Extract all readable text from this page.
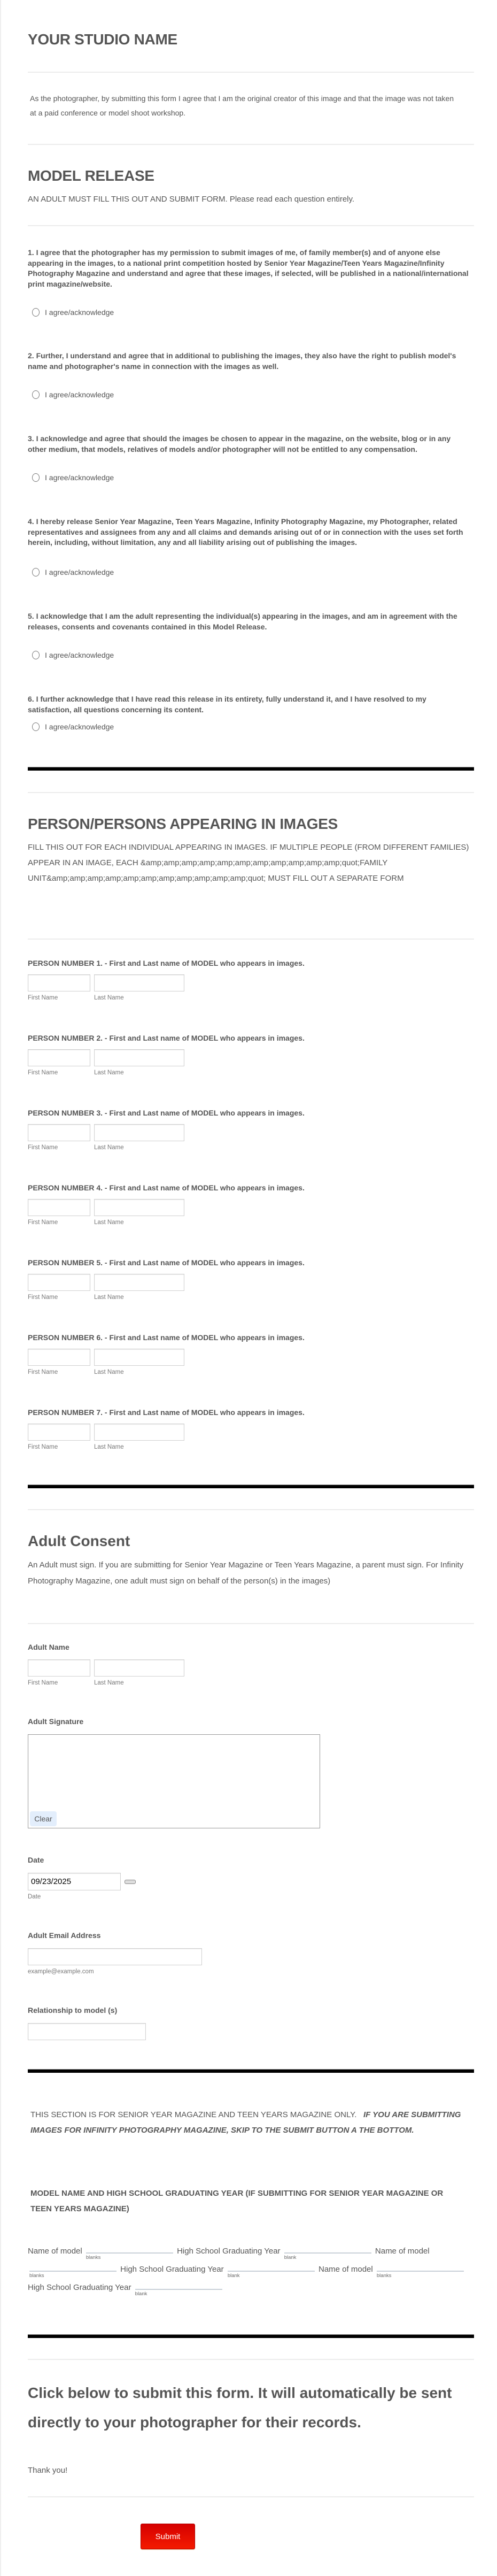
YOUR STUDIO NAME
As the photographer, by submitting this form I agree that I am the original creator of this image and that the image was not taken at a paid conference or model shoot workshop.
MODEL RELEASE
AN ADULT MUST FILL THIS OUT AND SUBMIT FORM. Please read each question entirely.
1. I agree that the photographer has my permission to submit images of me, of family member(s) and of anyone else appearing in the images, to a national print competition hosted by Senior Year Magazine/Teen Years Magazine/Infinity Photography Magazine and understand and agree that these images, if selected, will be published in a national/international print magazine/website.
I agree/acknowledge
2. Further, I understand and agree that in additional to publishing the images, they also have the right to publish model's name and photographer's name in connection with the images as well.
I agree/acknowledge
3. I acknowledge and agree that should the images be chosen to appear in the magazine, on the website, blog or in any other medium, that models, relatives of models and/or photographer will not be entitled to any compensation.
I agree/acknowledge
4. I hereby release Senior Year Magazine, Teen Years Magazine, Infinity Photography Magazine, my Photographer, related representatives and assignees from any and all claims and demands arising out of or in connection with the uses set forth herein, including, without limitation, any and all liability arising out of publishing the images.
I agree/acknowledge
5. I acknowledge that I am the adult representing the individual(s) appearing in the images, and am in agreement with the releases, consents and covenants contained in this Model Release.
I agree/acknowledge
6. I further acknowledge that I have read this release in its entirety, fully understand it, and I have resolved to my satisfaction, all questions concerning its content.
I agree/acknowledge
PERSON/PERSONS APPEARING IN IMAGES
FILL THIS OUT FOR EACH INDIVIDUAL APPEARING IN IMAGES. IF MULTIPLE PEOPLE (FROM DIFFERENT FAMILIES) APPEAR IN AN IMAGE, EACH &amp;amp;amp;amp;amp;amp;amp;amp;amp;amp;amp;quot;FAMILY UNIT&amp;amp;amp;amp;amp;amp;amp;amp;amp;amp;amp;quot; MUST FILL OUT A SEPARATE FORM
PERSON NUMBER 1. - First and Last name of MODEL who appears in images.
First Name	Last Name
PERSON NUMBER 2. - First and Last name of MODEL who appears in images.
First Name	Last Name
PERSON NUMBER 3. - First and Last name of MODEL who appears in images.
First Name	Last Name
PERSON NUMBER 4. - First and Last name of MODEL who appears in images.
First Name	Last Name
PERSON NUMBER 5. - First and Last name of MODEL who appears in images.
First Name	Last Name
PERSON NUMBER 6. - First and Last name of MODEL who appears in images.
First Name	Last Name
PERSON NUMBER 7. - First and Last name of MODEL who appears in images.
First Name	Last Name
Adult Consent
An Adult must sign. If you are submitting for Senior Year Magazine or Teen Years Magazine, a parent must sign. For Infinity Photography Magazine, one adult must sign on behalf of the person(s) in the images)
Adult Name
First Name	Last Name
Adult Signature
Clear
Date
09/23/2025
Date
Adult Email Address
example@example.com
Relationship to model (s)
THIS SECTION IS FOR SENIOR YEAR MAGAZINE AND TEEN YEARS MAGAZINE ONLY. IF YOU ARE SUBMITTING IMAGES FOR INFINITY PHOTOGRAPHY MAGAZINE, SKIP TO THE SUBMIT BUTTON A THE BOTTOM.
MODEL NAME AND HIGH SCHOOL GRADUATING YEAR (IF SUBMITTING FOR SENIOR YEAR MAGAZINE OR TEEN YEARS MAGAZINE)
Name of model
blanks
High School Graduating Year
blank
Name of model
blanks
High School Graduating Year
blank
Name of model
blanks
High School Graduating Year
blank
Click below to submit this form. It will automatically be sent directly to your photographer for their records.
Thank you!
Submit
